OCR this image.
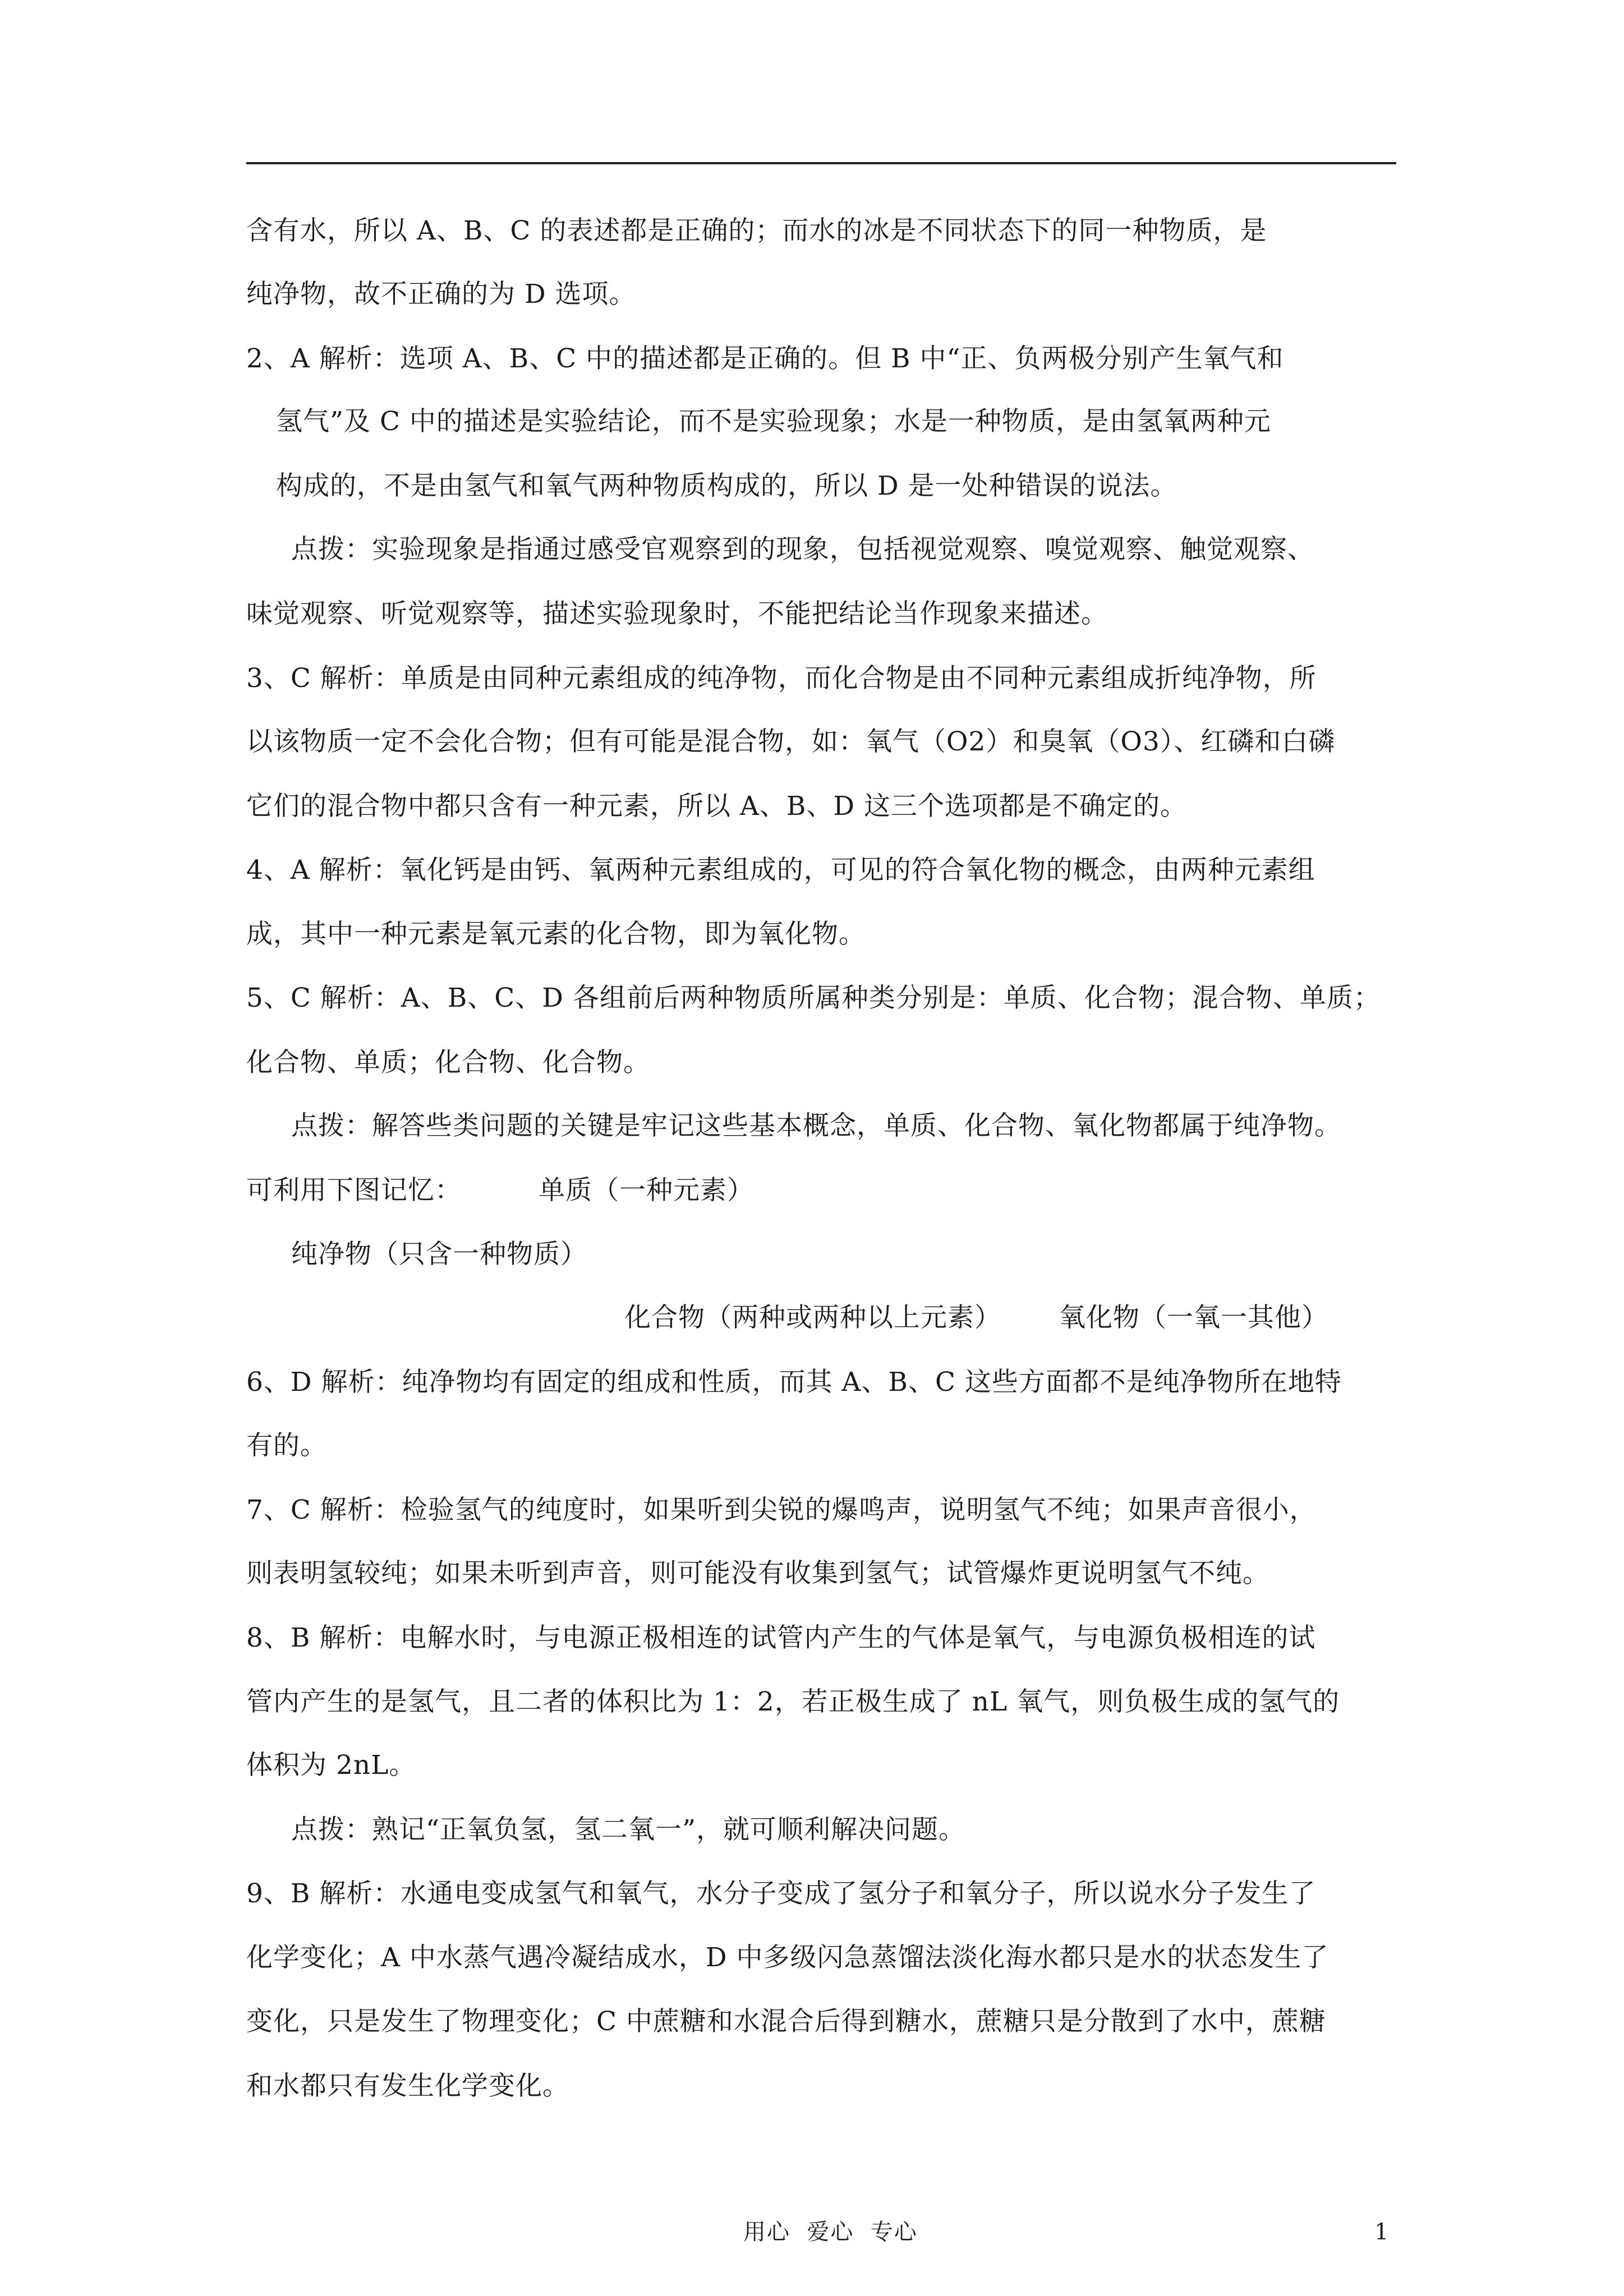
含有水，所以 A、B、C 的表述都是正确的；而水的冰是不同状态下的同一种物质，是
纯净物，故不正确的为 D 选项。
2、A 解析：选项 A、B、C 中的描述都是正确的。但 B 中“正、负两极分别产生氧气和
氢气”及 C 中的描述是实验结论，而不是实验现象；水是一种物质，是由氢氧两种元
构成的，不是由氢气和氧气两种物质构成的，所以 D 是一处种错误的说法。
点拨：实验现象是指通过感受官观察到的现象，包括视觉观察、嗅觉观察、触觉观察、
味觉观察、听觉观察等，描述实验现象时，不能把结论当作现象来描述。
3、C 解析：单质是由同种元素组成的纯净物，而化合物是由不同种元素组成折纯净物，所
以该物质一定不会化合物；但有可能是混合物，如：氧气（O2）和臭氧（O3）、红磷和白磷
它们的混合物中都只含有一种元素，所以 A、B、D 这三个选项都是不确定的。
4、A 解析：氧化钙是由钙、氧两种元素组成的，可见的符合氧化物的概念，由两种元素组
成，其中一种元素是氧元素的化合物，即为氧化物。
5、C 解析：A、B、C、D 各组前后两种物质所属种类分别是：单质、化合物；混合物、单质；
化合物、单质；化合物、化合物。
点拨：解答些类问题的关键是牢记这些基本概念，单质、化合物、氧化物都属于纯净物。
可利用下图记忆：	单质（一种元素）
纯净物（只含一种物质）
化合物（两种或两种以上元素） 氧化物（一氧一其他）
6、D 解析：纯净物均有固定的组成和性质，而其 A、B、C 这些方面都不是纯净物所在地特
有的。
7、C 解析：检验氢气的纯度时，如果听到尖锐的爆鸣声，说明氢气不纯；如果声音很小，
则表明氢较纯；如果未听到声音，则可能没有收集到氢气；试管爆炸更说明氢气不纯。
8、B 解析：电解水时，与电源正极相连的试管内产生的气体是氧气，与电源负极相连的试
管内产生的是氢气，且二者的体积比为 1：2，若正极生成了 nL 氧气，则负极生成的氢气的
体积为 2nL。
点拨：熟记“正氧负氢，氢二氧一”，就可顺利解决问题。
9、B 解析：水通电变成氢气和氧气，水分子变成了氢分子和氧分子，所以说水分子发生了
化学变化；A 中水蒸气遇冷凝结成水，D 中多级闪急蒸馏法淡化海水都只是水的状态发生了
变化，只是发生了物理变化；C 中蔗糖和水混合后得到糖水，蔗糖只是分散到了水中，蔗糖
和水都只有发生化学变化。
用心  爱心  专心	1
